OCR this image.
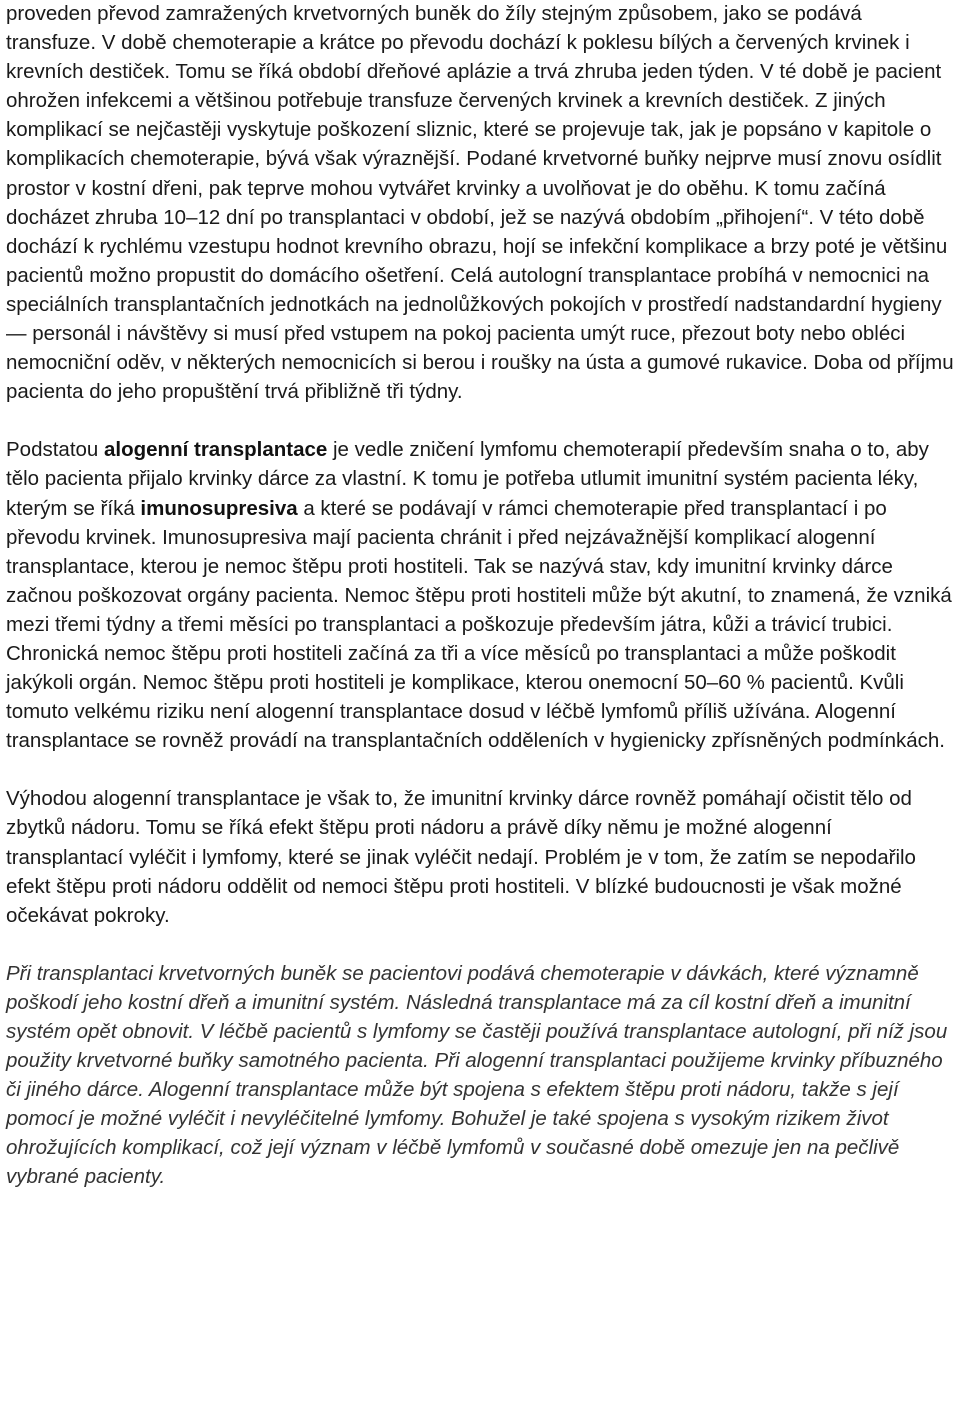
proveden převod zamražených krvetvorných buněk do žíly stejným způsobem, jako se podává transfuze. V době chemoterapie a krátce po převodu dochází k poklesu bílých a červených krvinek i krevních destiček. Tomu se říká období dřeňové aplázie a trvá zhruba jeden týden. V té době je pacient ohrožen infekcemi a většinou potřebuje transfuze červených krvinek a krevních destiček. Z jiných komplikací se nejčastěji vyskytuje poškození sliznic, které se projevuje tak, jak je popsáno v kapitole o komplikacích chemoterapie, bývá však výraznější. Podané krvetvorné buňky nejprve musí znovu osídlit prostor v kostní dřeni, pak teprve mohou vytvářet krvinky a uvolňovat je do oběhu. K tomu začíná docházet zhruba 10–12 dní po transplantaci v období, jež se nazývá obdobím „přihojení“. V této době dochází k rychlému vzestupu hodnot krevního obrazu, hojí se infekční komplikace a brzy poté je většinu pacientů možno propustit do domácího ošetření. Celá autologní transplantace probíhá v nemocnici na speciálních transplantačních jednotkách na jednolůžkových pokojích v prostředí nadstandardní hygieny — personál i návštěvy si musí před vstupem na pokoj pacienta umýt ruce, přezout boty nebo obléci nemocniční oděv, v některých nemocnicích si berou i roušky na ústa a gumové rukavice. Doba od příjmu pacienta do jeho propuštění trvá přibližně tři týdny.

Podstatou alogenní transplantace je vedle zničení lymfomu chemoterapií především snaha o to, aby tělo pacienta přijalo krvinky dárce za vlastní. K tomu je potřeba utlumit imunitní systém pacienta léky, kterým se říká imunosupresiva a které se podávají v rámci chemoterapie před transplantací i po převodu krvinek. Imunosupresiva mají pacienta chránit i před nejzávažnější komplikací alogenní transplantace, kterou je nemoc štěpu proti hostiteli. Tak se nazývá stav, kdy imunitní krvinky dárce začnou poškozovat orgány pacienta. Nemoc štěpu proti hostiteli může být akutní, to znamená, že vzniká mezi třemi týdny a třemi měsíci po transplantaci a poškozuje především játra, kůži a trávicí trubici. Chronická nemoc štěpu proti hostiteli začíná za tři a více měsíců po transplantaci a může poškodit jakýkoli orgán. Nemoc štěpu proti hostiteli je komplikace, kterou onemocní 50–60 % pacientů. Kvůli tomuto velkému riziku není alogenní transplantace dosud v léčbě lymfomů příliš užívána. Alogenní transplantace se rovněž provádí na transplantačních odděleních v hygienicky zpřísněných podmínkách.

Výhodou alogenní transplantace je však to, že imunitní krvinky dárce rovněž pomáhají očistit tělo od zbytků nádoru. Tomu se říká efekt štěpu proti nádoru a právě díky němu je možné alogenní transplantací vyléčit i lymfomy, které se jinak vyléčit nedají. Problém je v tom, že zatím se nepodařilo efekt štěpu proti nádoru oddělit od nemoci štěpu proti hostiteli. V blízké budoucnosti je však možné očekávat pokroky.

Při transplantaci krvetvorných buněk se pacientovi podává chemoterapie v dávkách, které významně poškodí jeho kostní dřeň a imunitní systém. Následná transplantace má za cíl kostní dřeň a imunitní systém opět obnovit. V léčbě pacientů s lymfomy se častěji používá transplantace autologní, při níž jsou použity krvetvorné buňky samotného pacienta. Při alogenní transplantaci použijeme krvinky příbuzného či jiného dárce. Alogenní transplantace může být spojena s efektem štěpu proti nádoru, takže s její pomocí je možné vyléčit i nevyléčitelné lymfomy. Bohužel je také spojena s vysokým rizikem život ohrožujících komplikací, což její význam v léčbě lymfomů v současné době omezuje jen na pečlivě vybrané pacienty.
